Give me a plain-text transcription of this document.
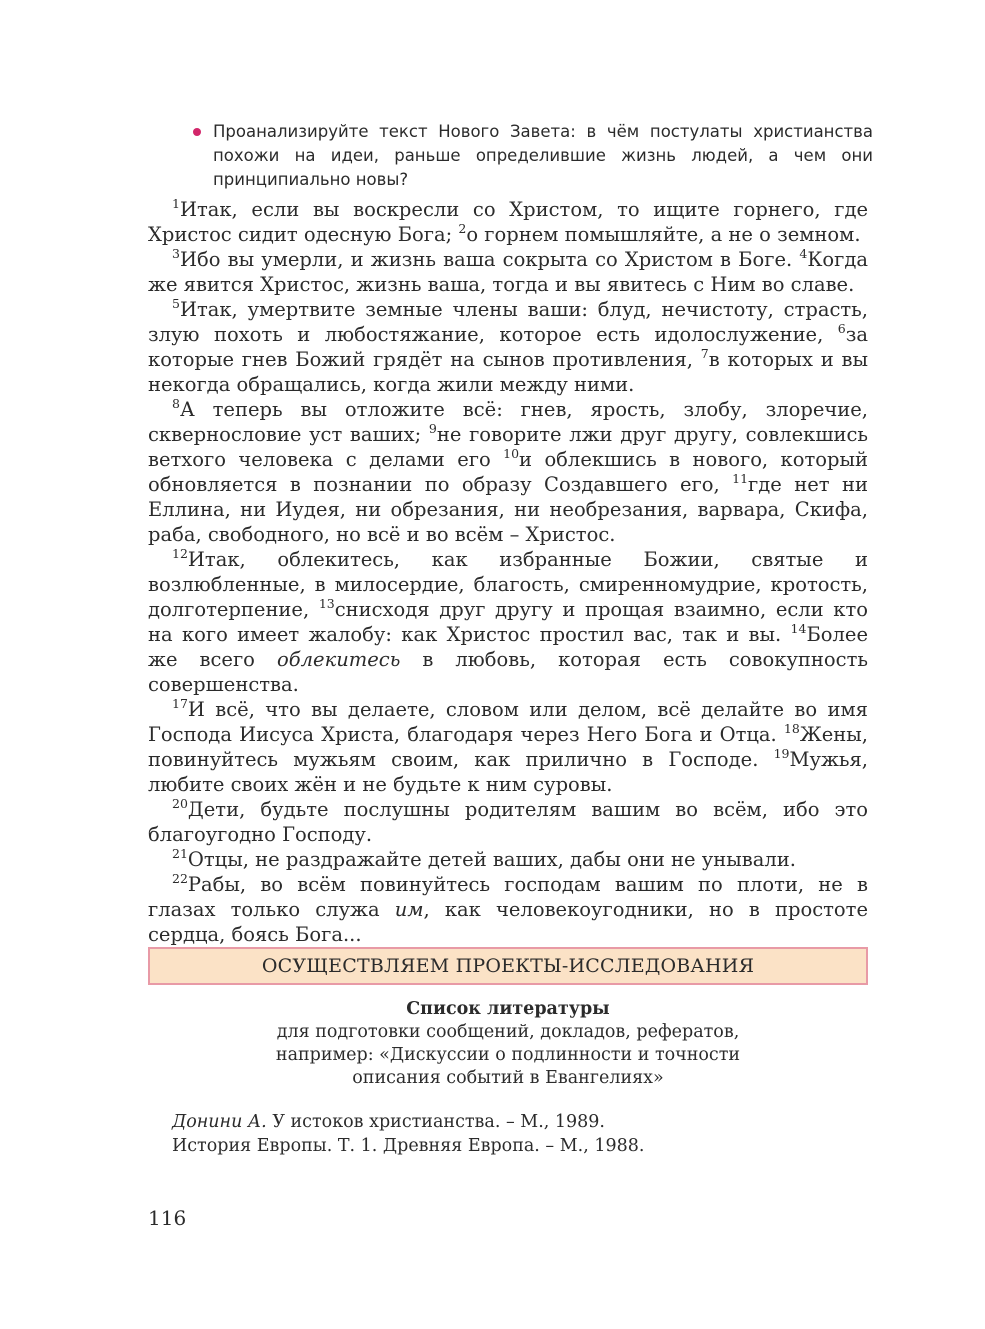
Проанализируйте текст Нового Завета: в чём постулаты христианства похожи на идеи, раньше определившие жизнь людей, а чем они принципиально новы?

$^1$Итак, если вы воскресли со Христом, то ищите горнего, где Христос сидит одесную Бога; $^2$о горнем помышляйте, а не о земном.

$^3$Ибо вы умерли, и жизнь ваша сокрыта со Христом в Боге. $^4$Когда же явится Христос, жизнь ваша, тогда и вы явитесь с Ним во славе.

$^5$Итак, умертвите земные члены ваши: блуд, нечистоту, страсть, злую похоть и любостяжание, которое есть идолослужение, $^6$за которые гнев Божий грядёт на сынов противления, $^7$в которых и вы некогда обращались, когда жили между ними.

$^8$А теперь вы отложите всё: гнев, ярость, злобу, злоречие, сквернословие уст ваших; $^9$не говорите лжи друг другу, совлекшись ветхого человека с делами его $^{10}$и облекшись в нового, который обновляется в познании по образу Создавшего его, $^{11}$где нет ни Еллина, ни Иудея, ни обрезания, ни необрезания, варвара, Скифа, раба, свободного, но всё и во всём – Христос.

$^{12}$Итак, облекитесь, как избранные Божии, святые и возлюбленные, в милосердие, благость, смиренномудрие, кротость, долготерпение, $^{13}$снисходя друг другу и прощая взаимно, если кто на кого имеет жалобу: как Христос простил вас, так и вы. $^{14}$Более же всего облекитесь в любовь, которая есть совокупность совершенства.

$^{17}$И всё, что вы делаете, словом или делом, всё делайте во имя Господа Иисуса Христа, благодаря через Него Бога и Отца. $^{18}$Жены, повинуйтесь мужьям своим, как прилично в Господе. $^{19}$Мужья, любите своих жён и не будьте к ним суровы.

$^{20}$Дети, будьте послушны родителям вашим во всём, ибо это благоугодно Господу.

$^{21}$Отцы, не раздражайте детей ваших, дабы они не унывали.

$^{22}$Рабы, во всём повинуйтесь господам вашим по плоти, не в глазах только служа им, как человекоугодники, но в простоте сердца, боясь Бога...

ОСУЩЕСТВЛЯЕМ ПРОЕКТЫ-ИССЛЕДОВАНИЯ
Список литературы
для подготовки сообщений, докладов, рефератов,
например: «Дискуссии о подлинности и точности
описания событий в Евангелиях»
Донини А. У истоков христианства. – М., 1989.
История Европы. Т. 1. Древняя Европа. – М., 1988.
116
